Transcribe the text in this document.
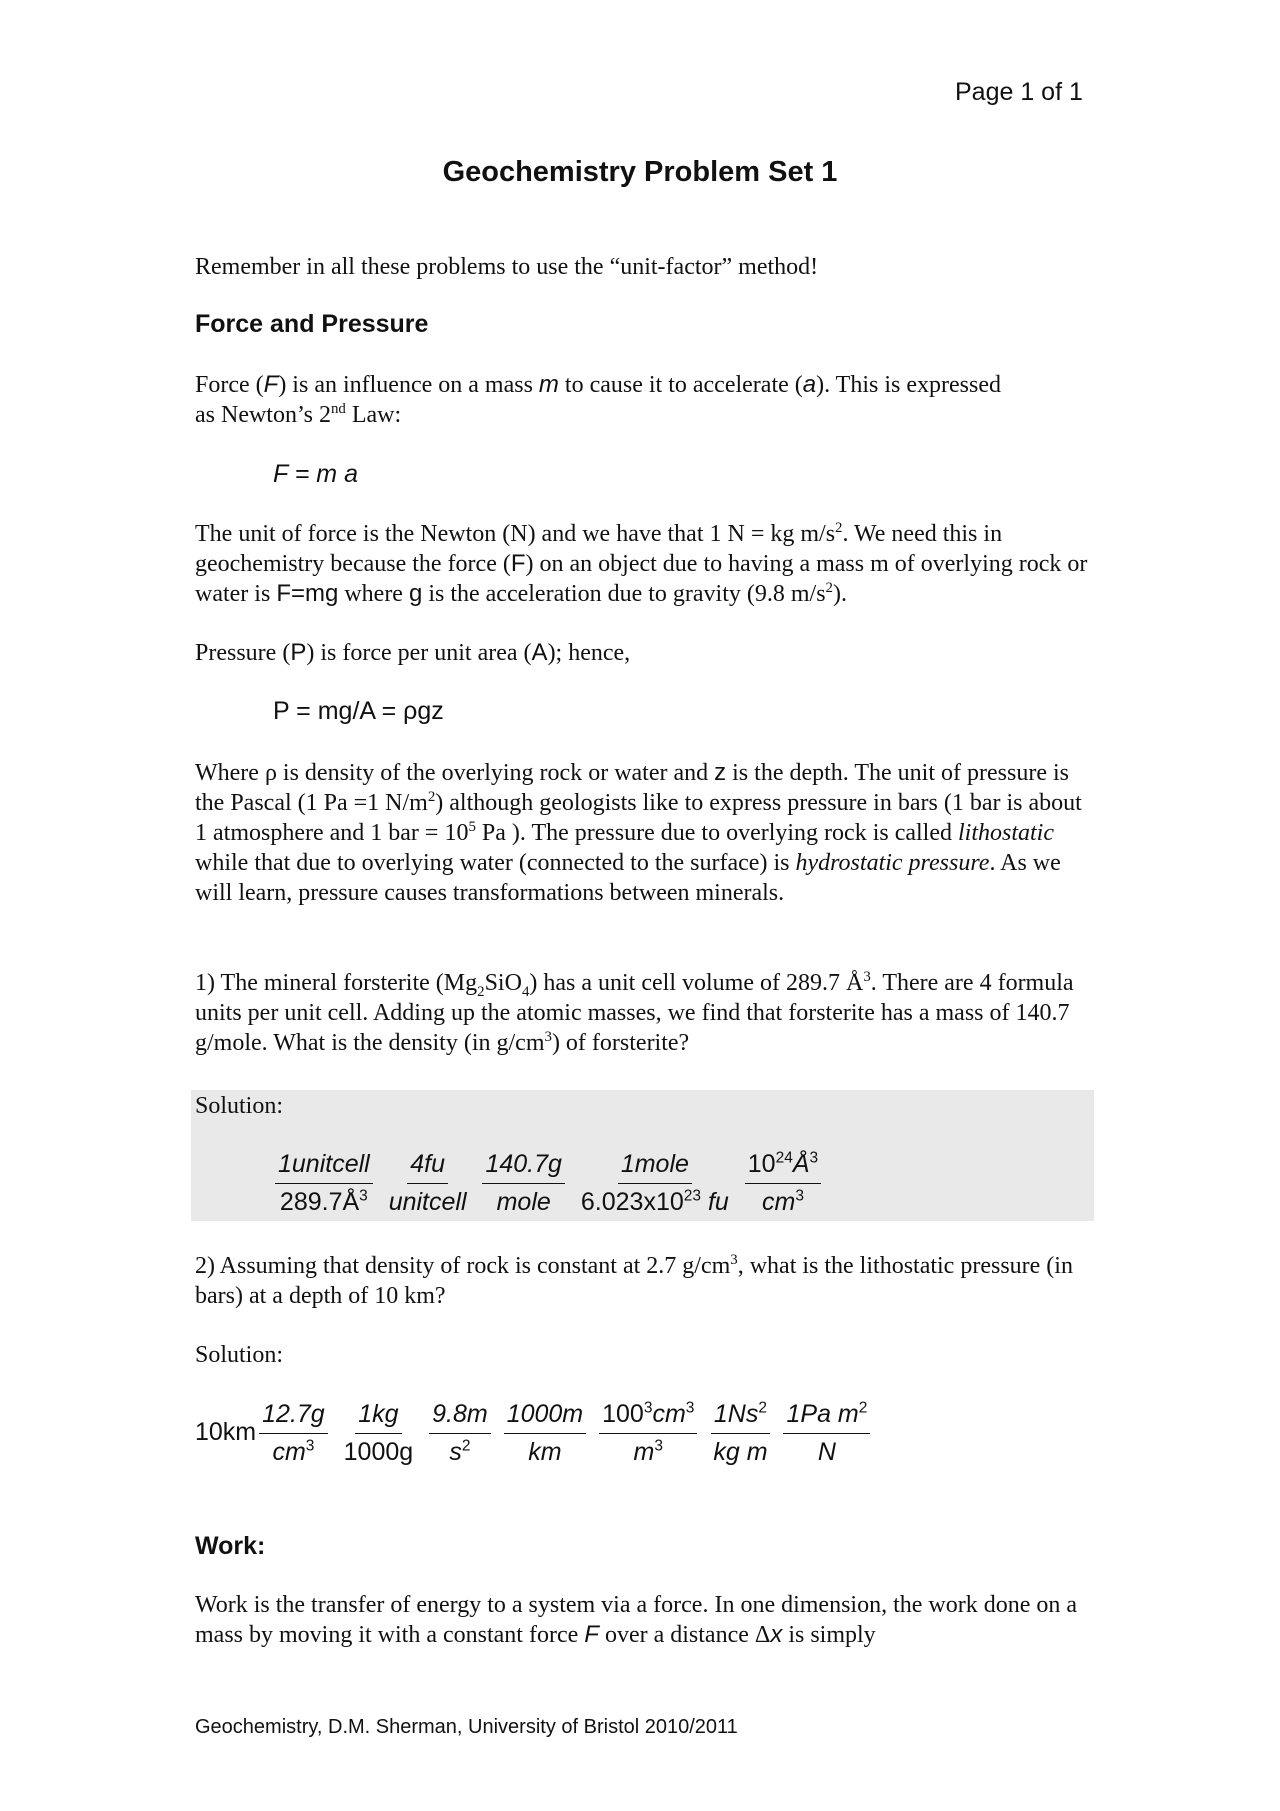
Page 1 of 1
Geochemistry Problem Set 1
Remember in all these problems to use the “unit-factor” method!
Force and Pressure
Force (F) is an influence on a mass m to cause it to accelerate (a). This is expressed
as Newton’s 2nd Law:
F = m a
The unit of force is the Newton (N) and we have that 1 N = kg $m/s^2$. We need this in geochemistry because the force (F) on an object due to having a mass m of overlying rock or water is F=mg where g is the acceleration due to gravity (9.8 $m/s^2$).
Pressure (P) is force per unit area (A); hence,
P = mg/A = ρgz
Where ρ is density of the overlying rock or water and z is the depth. The unit of pressure is the Pascal (1 Pa =1 $N/m^2$) although geologists like to express pressure in bars (1 bar is about 1 atmosphere and 1 bar = $10^5$ Pa ). The pressure due to overlying rock is called lithostatic while that due to overlying water (connected to the surface) is hydrostatic pressure. As we will learn, pressure causes transformations between minerals.
1) The mineral forsterite $(Mg_2SiO_4)$ has a unit cell volume of 289.7 $Å^3$. There are 4 formula units per unit cell. Adding up the atomic masses, we find that forsterite has a mass of 140.7 g/mole. What is the density (in $g/cm^3$) of forsterite?
Solution:
$\frac{\text{1unitcell}}{289.7Å^3}$
$\frac{4fu}{\text{unitcell}}$
$\frac{140.7g}{\text{mole}}$
$\frac{\text{1mole}}{6.023x10^{23} fu}$
$\frac{10^{24}Å^3}{cm^3}$
2) Assuming that density of rock is constant at 2.7 $g/cm^3$, what is the lithostatic pressure (in bars) at a depth of 10 km?
Solution:
$10km \frac{12.7g}{cm^3}$
$\frac{1kg}{1000g}$
$\frac{9.8m}{s^2}$
$\frac{1000m}{km}$
$\frac{100^3cm^3}{m^3}$
$\frac{1Ns^2}{\text{kg m}}$
$\frac{1Pa m^2}{N}$
Work:
Work is the transfer of energy to a system via a force. In one dimension, the work done on a mass by moving it with a constant force F over a distance Δx is simply
Geochemistry, D.M. Sherman, University of Bristol 2010/2011
